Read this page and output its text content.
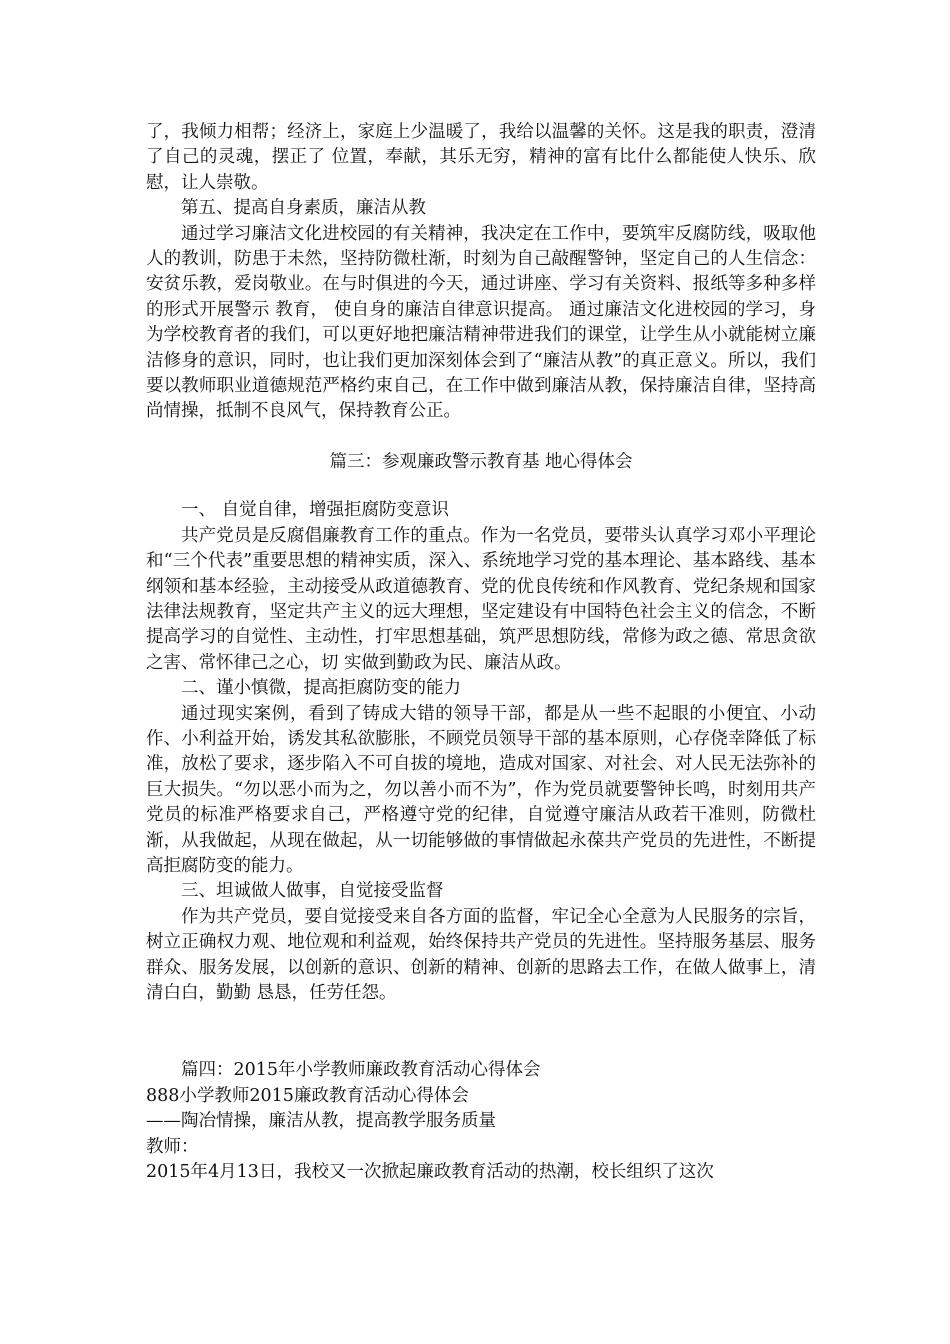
了，我倾力相帮；经济上，家庭上少温暖了，我给以温馨的关怀。这是我的职责，澄清了自己的灵魂，摆正了 位置，奉献，其乐无穷，精神的富有比什么都能使人快乐、欣慰，让人崇敬。

第五、提高自身素质，廉洁从教

通过学习廉洁文化进校园的有关精神，我决定在工作中，要筑牢反腐防线，吸取他人的教训，防患于未然，坚持防微杜渐，时刻为自己敲醒警钟，坚定自己的人生信念：安贫乐教，爱岗敬业。在与时俱进的今天，通过讲座、学习有关资料、报纸等多种多样的形式开展警示 教育， 使自身的廉洁自律意识提高。 通过廉洁文化进校园的学习，身为学校教育者的我们，可以更好地把廉洁精神带进我们的课堂，让学生从小就能树立廉洁修身的意识，同时，也让我们更加深刻体会到了“廉洁从教”的真正意义。所以，我们要以教师职业道德规范严格约束自己，在工作中做到廉洁从教，保持廉洁自律，坚持高尚情操，抵制不良风气，保持教育公正。

篇三：参观廉政警示教育基 地心得体会

一、 自觉自律，增强拒腐防变意识

共产党员是反腐倡廉教育工作的重点。作为一名党员，要带头认真学习邓小平理论和“三个代表”重要思想的精神实质，深入、系统地学习党的基本理论、基本路线、基本纲领和基本经验，主动接受从政道德教育、党的优良传统和作风教育、党纪条规和国家法律法规教育，坚定共产主义的远大理想，坚定建设有中国特色社会主义的信念，不断提高学习的自觉性、主动性，打牢思想基础，筑严思想防线，常修为政之德、常思贪欲之害、常怀律己之心，切 实做到勤政为民、廉洁从政。

二、谨小慎微，提高拒腐防变的能力

通过现实案例，看到了铸成大错的领导干部，都是从一些不起眼的小便宜、小动作、小利益开始，诱发其私欲膨胀，不顾党员领导干部的基本原则，心存侥幸降低了标准，放松了要求，逐步陷入不可自拔的境地，造成对国家、对社会、对人民无法弥补的巨大损失。“勿以恶小而为之，勿以善小而不为”，作为党员就要警钟长鸣，时刻用共产党员的标准严格要求自己，严格遵守党的纪律，自觉遵守廉洁从政若干准则，防微杜渐，从我做起，从现在做起，从一切能够做的事情做起永葆共产党员的先进性，不断提高拒腐防变的能力。

三、坦诚做人做事，自觉接受监督

作为共产党员，要自觉接受来自各方面的监督，牢记全心全意为人民服务的宗旨，树立正确权力观、地位观和利益观，始终保持共产党员的先进性。坚持服务基层、服务群众、服务发展，以创新的意识、创新的精神、创新的思路去工作，在做人做事上，清清白白，勤勤 恳恳，任劳任怨。

篇四：2015年小学教师廉政教育活动心得体会

888小学教师2015廉政教育活动心得体会

——陶冶情操，廉洁从教，提高教学服务质量

教师：

2015年4月13日，我校又一次掀起廉政教育活动的热潮，校长组织了这次
